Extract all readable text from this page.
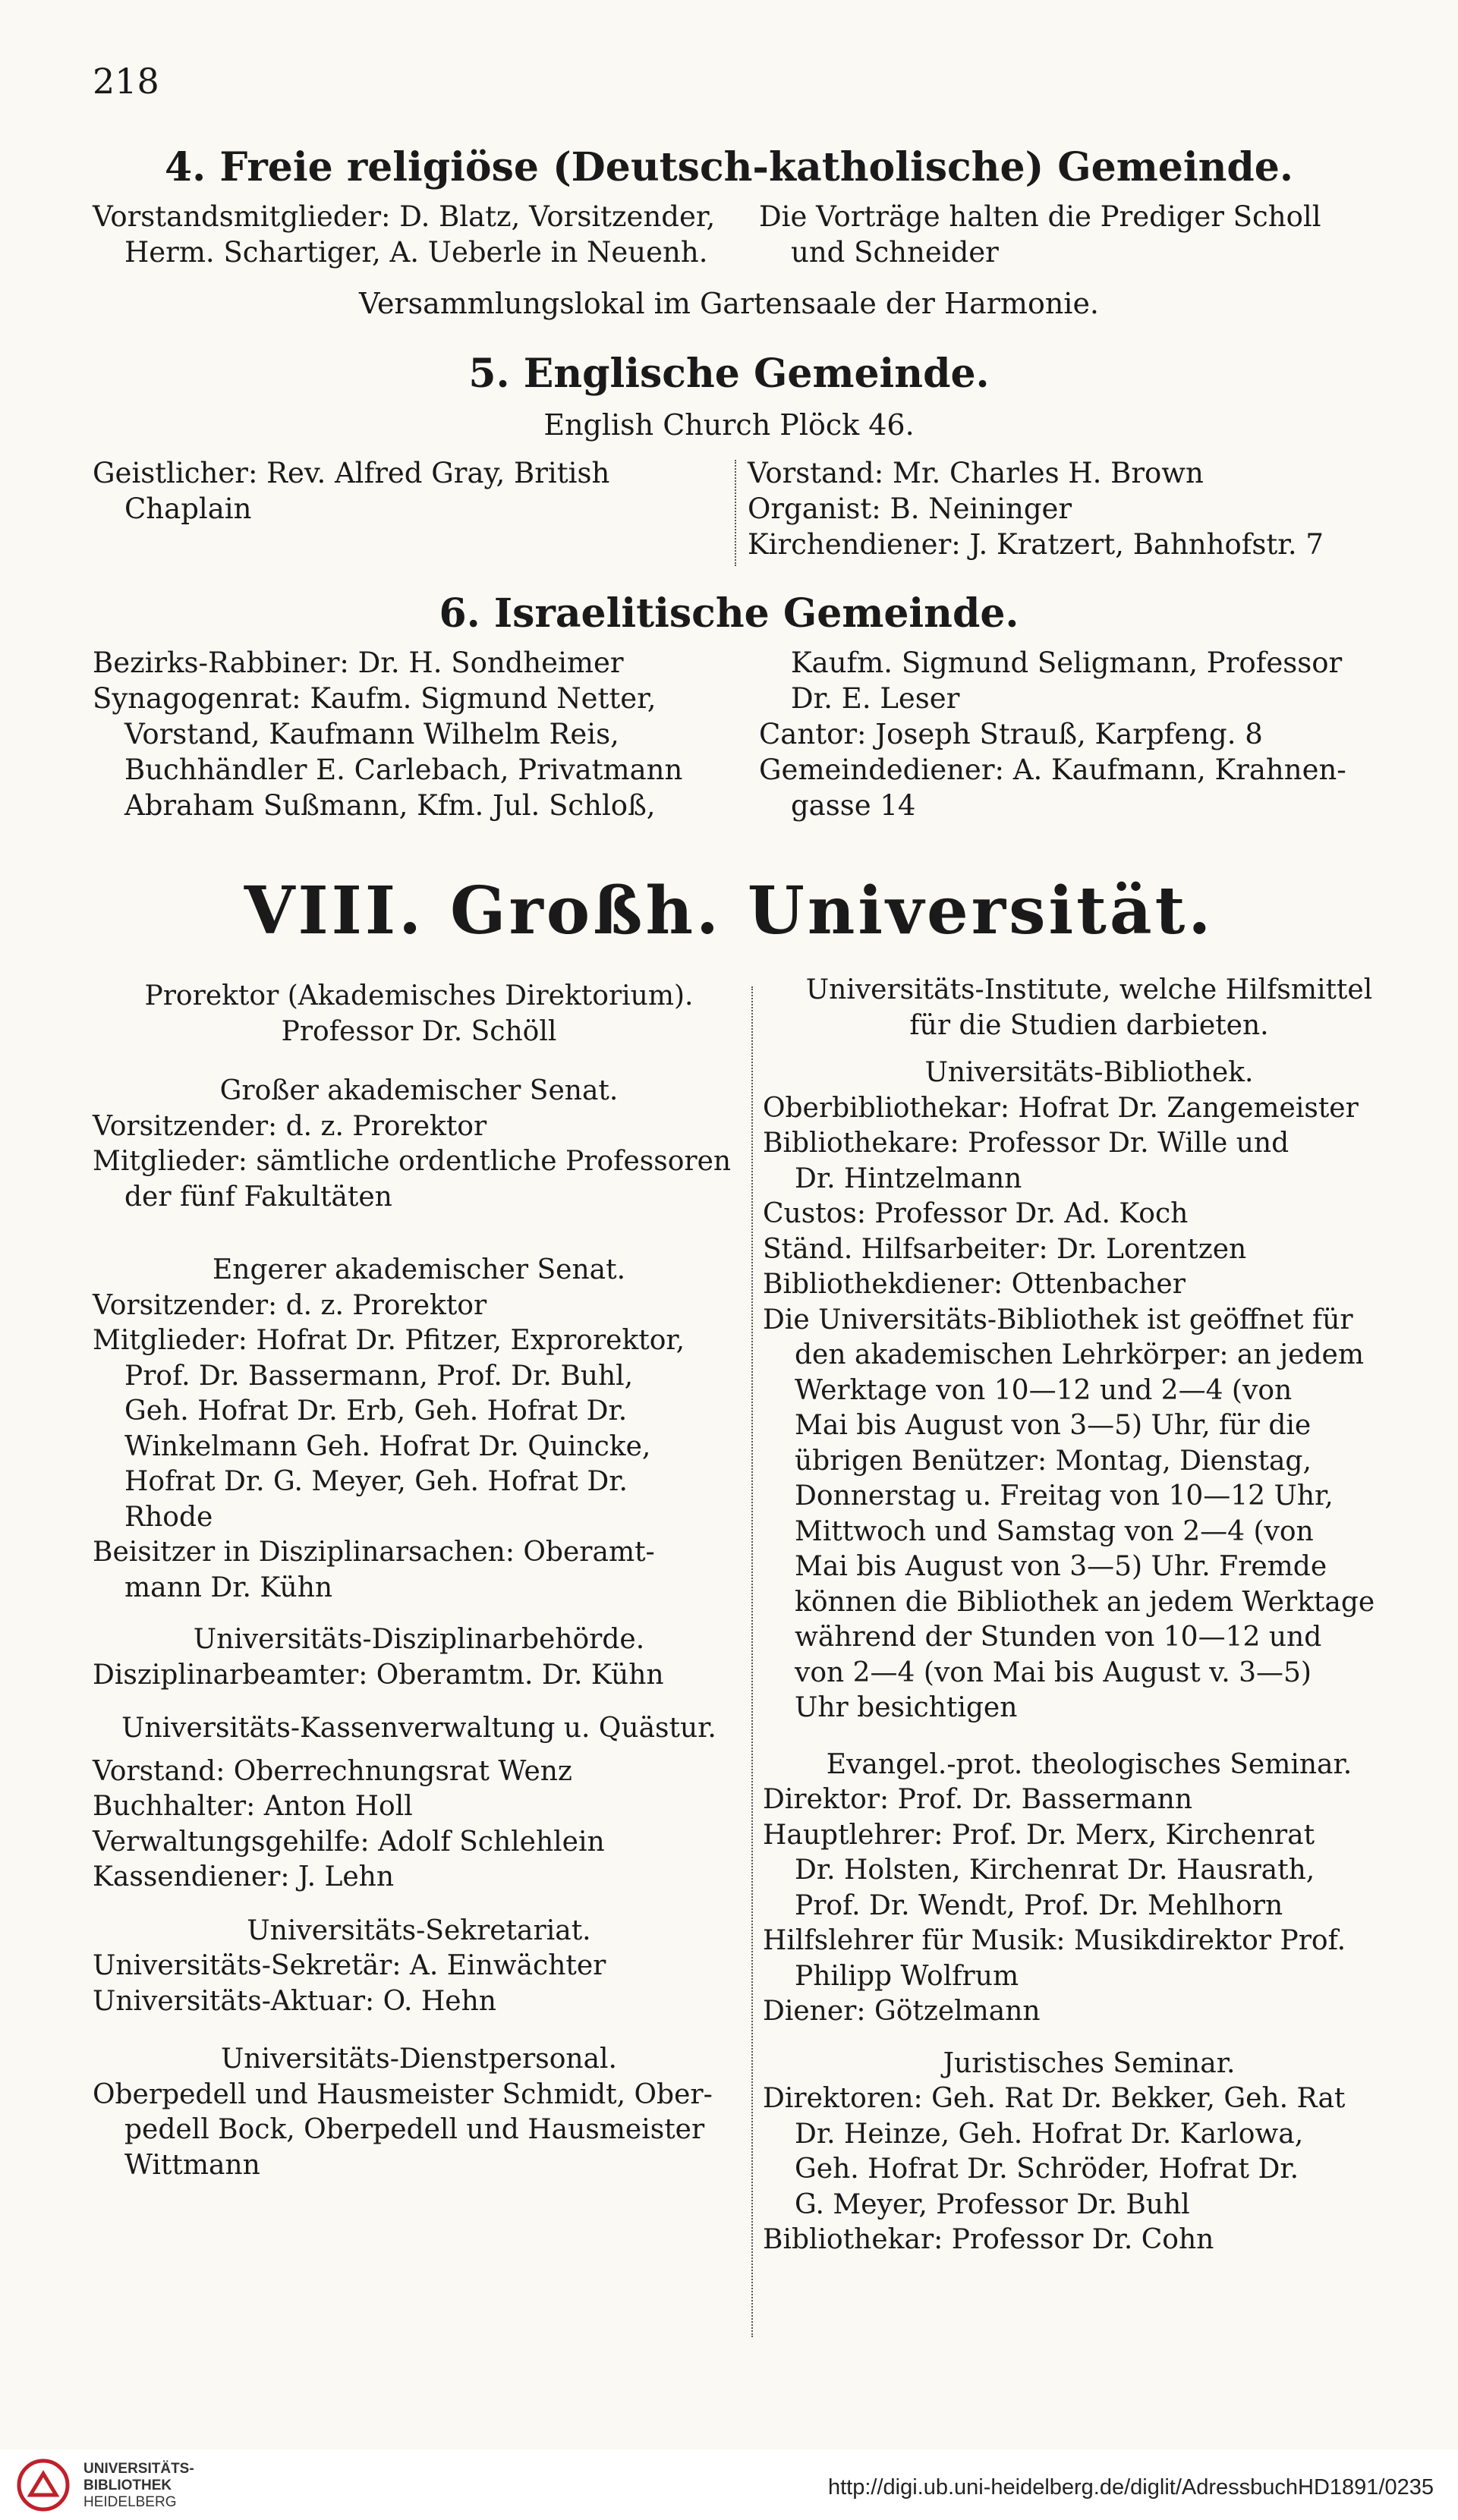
218
4. Freie religiöse (Deutsch-katholische) Gemeinde.

Vorstandsmitglieder: D. Blatz, Vorsitzender,

Herm. Schartiger, A. Ueberle in Neuenh.

Die Vorträge halten die Prediger Scholl

und Schneider

Versammlungslokal im Gartensaale der Harmonie.
5. Englische Gemeinde.
English Church Plöck 46.

Geistlicher: Rev. Alfred Gray, British

Chaplain

Vorstand: Mr. Charles H. Brown

Organist: B. Neininger

Kirchendiener: J. Kratzert, Bahnhofstr. 7

6. Israelitische Gemeinde.

Bezirks-Rabbiner: Dr. H. Sondheimer

Synagogenrat: Kaufm. Sigmund Netter,

Vorstand, Kaufmann Wilhelm Reis,

Buchhändler E. Carlebach, Privatmann

Abraham Sußmann, Kfm. Jul. Schloß,

Kaufm. Sigmund Seligmann, Professor

Dr. E. Leser

Cantor: Joseph Strauß, Karpfeng. 8

Gemeindediener: A. Kaufmann, Krahnen-

gasse 14

VIII. Großh. Universität.

Prorektor (Akademisches Direktorium).

Professor Dr. Schöll

Großer akademischer Senat.

Vorsitzender: d. z. Prorektor

Mitglieder: sämtliche ordentliche Professoren

der fünf Fakultäten

Engerer akademischer Senat.

Vorsitzender: d. z. Prorektor

Mitglieder: Hofrat Dr. Pfitzer, Exprorektor,

Prof. Dr. Bassermann, Prof. Dr. Buhl,

Geh. Hofrat Dr. Erb, Geh. Hofrat Dr.

Winkelmann Geh. Hofrat Dr. Quincke,

Hofrat Dr. G. Meyer, Geh. Hofrat Dr.

Rhode

Beisitzer in Disziplinarsachen: Oberamt-

mann Dr. Kühn

Universitäts-Disziplinarbehörde.

Disziplinarbeamter: Oberamtm. Dr. Kühn

Universitäts-Kassenverwaltung u. Quästur.

Vorstand: Oberrechnungsrat Wenz

Buchhalter: Anton Holl

Verwaltungsgehilfe: Adolf Schlehlein

Kassendiener: J. Lehn

Universitäts-Sekretariat.

Universitäts-Sekretär: A. Einwächter

Universitäts-Aktuar: O. Hehn

Universitäts-Dienstpersonal.

Oberpedell und Hausmeister Schmidt, Ober-

pedell Bock, Oberpedell und Hausmeister

Wittmann

Universitäts-Institute, welche Hilfsmittel

für die Studien darbieten.

Universitäts-Bibliothek.

Oberbibliothekar: Hofrat Dr. Zangemeister

Bibliothekare: Professor Dr. Wille und

Dr. Hintzelmann

Custos: Professor Dr. Ad. Koch

Ständ. Hilfsarbeiter: Dr. Lorentzen

Bibliothekdiener: Ottenbacher

Die Universitäts-Bibliothek ist geöffnet für

den akademischen Lehrkörper: an jedem

Werktage von 10—12 und 2—4 (von

Mai bis August von 3—5) Uhr, für die

übrigen Benützer: Montag, Dienstag,

Donnerstag u. Freitag von 10—12 Uhr,

Mittwoch und Samstag von 2—4 (von

Mai bis August von 3—5) Uhr. Fremde

können die Bibliothek an jedem Werktage

während der Stunden von 10—12 und

von 2—4 (von Mai bis August v. 3—5)

Uhr besichtigen

Evangel.-prot. theologisches Seminar.

Direktor: Prof. Dr. Bassermann

Hauptlehrer: Prof. Dr. Merx, Kirchenrat

Dr. Holsten, Kirchenrat Dr. Hausrath,

Prof. Dr. Wendt, Prof. Dr. Mehlhorn

Hilfslehrer für Musik: Musikdirektor Prof.

Philipp Wolfrum

Diener: Götzelmann

Juristisches Seminar.

Direktoren: Geh. Rat Dr. Bekker, Geh. Rat

Dr. Heinze, Geh. Hofrat Dr. Karlowa,

Geh. Hofrat Dr. Schröder, Hofrat Dr.

G. Meyer, Professor Dr. Buhl

Bibliothekar: Professor Dr. Cohn

UNIVERSITÄTS-
BIBLIOTHEK
HEIDELBERG
http://digi.ub.uni-heidelberg.de/diglit/AdressbuchHD1891/0235
